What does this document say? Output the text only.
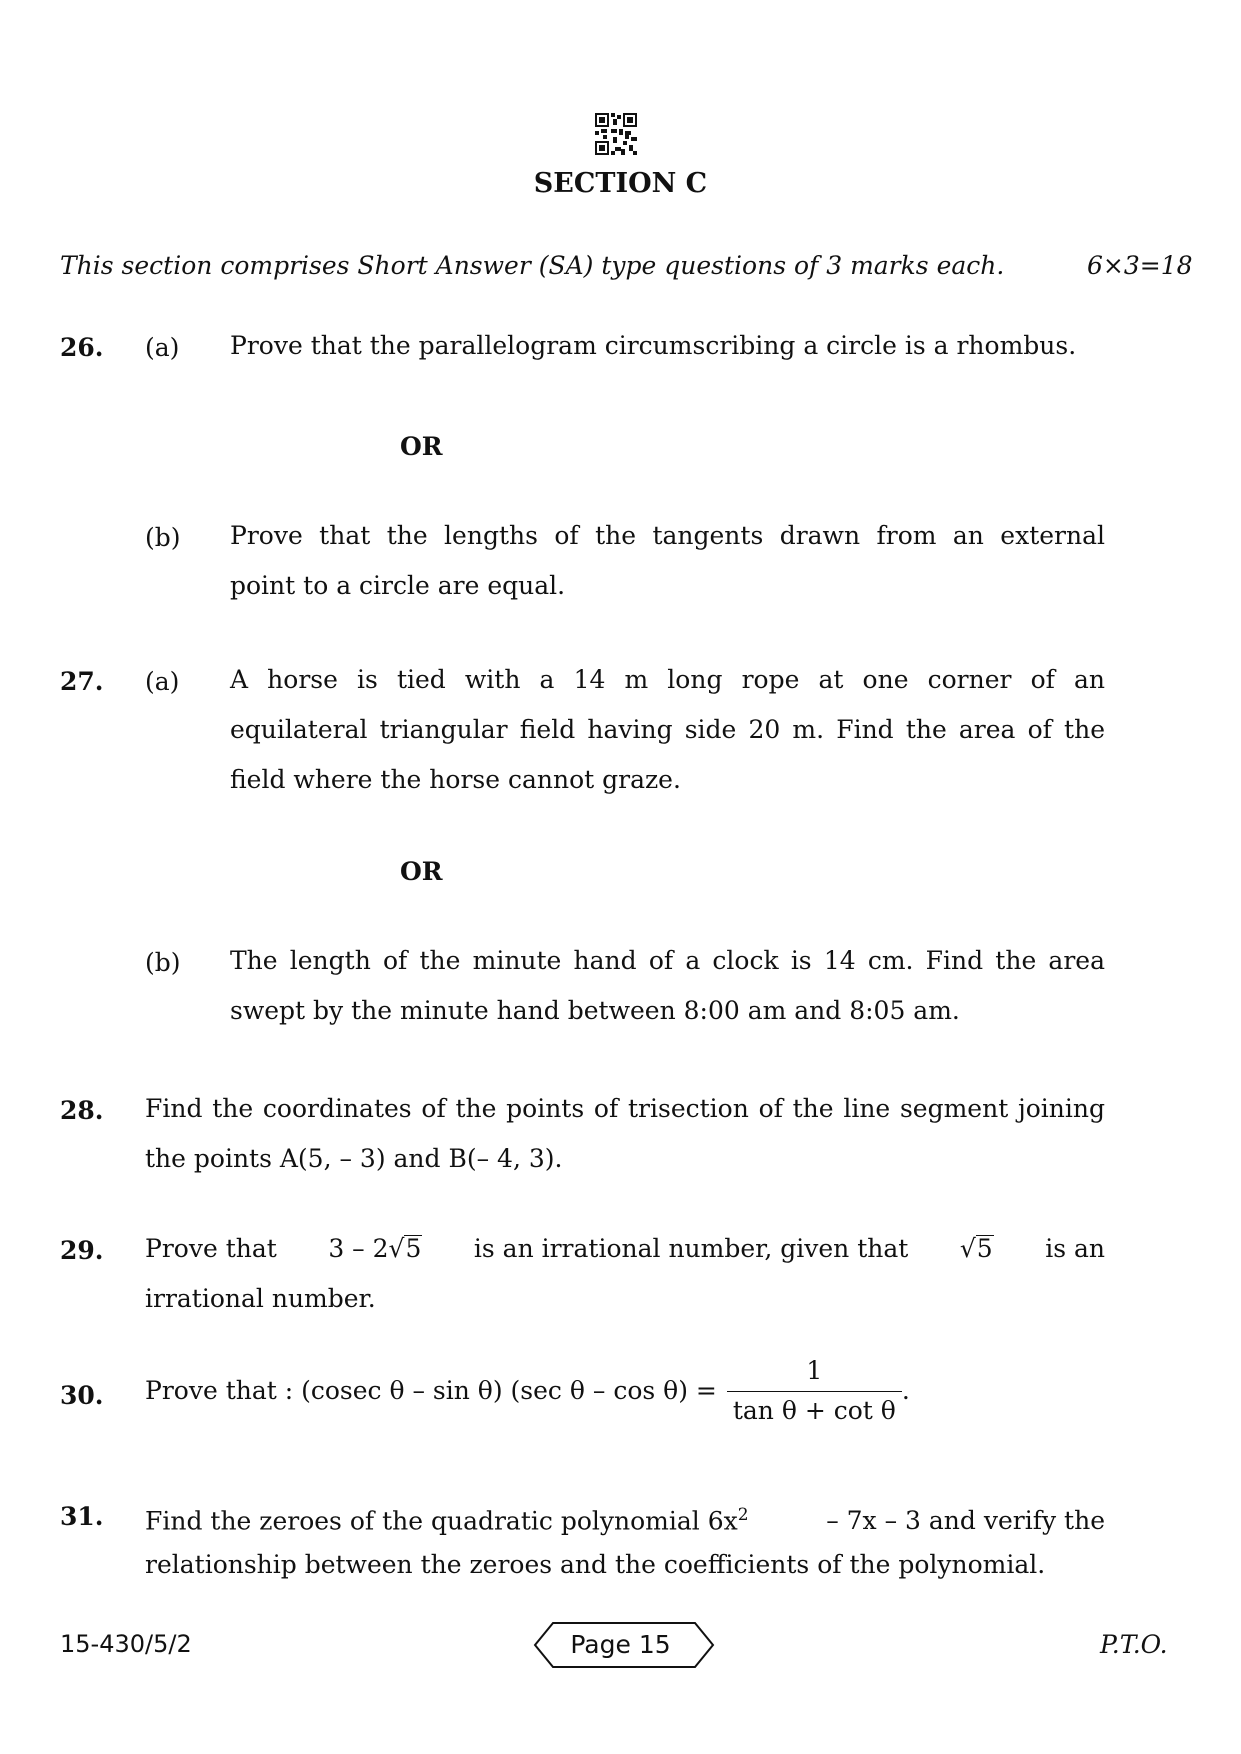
SECTION C
This section comprises Short Answer (SA) type questions of 3 marks each.	6×3=18
26. (a) Prove that the parallelogram circumscribing a circle is a rhombus.
OR
(b) Prove that the lengths of the tangents drawn from an external
point to a circle are equal.
27. (a) A horse is tied with a 14 m long rope at one corner of an
equilateral triangular field having side 20 m. Find the area of the
field where the horse cannot graze.
OR
(b) The length of the minute hand of a clock is 14 cm. Find the area
swept by the minute hand between 8:00 am and 8:05 am.
28. Find the coordinates of the points of trisection of the line segment joining
the points A(5, – 3) and B(– 4, 3).
29. Prove that 3 – 2√5 is an irrational number, given that √5 is an
irrational number.
30. Prove that : (cosec θ – sin θ) (sec $\theta - \cos \theta) = \frac{1}{\text{tan θ + cot θ}}$ .
31. Find the zeroes of the quadratic polynomial $6x^2$	– 7x – 3 and verify the
relationship between the zeroes and the coefficients of the polynomial.
15-430/5/2	Page 15	P.T.O.
